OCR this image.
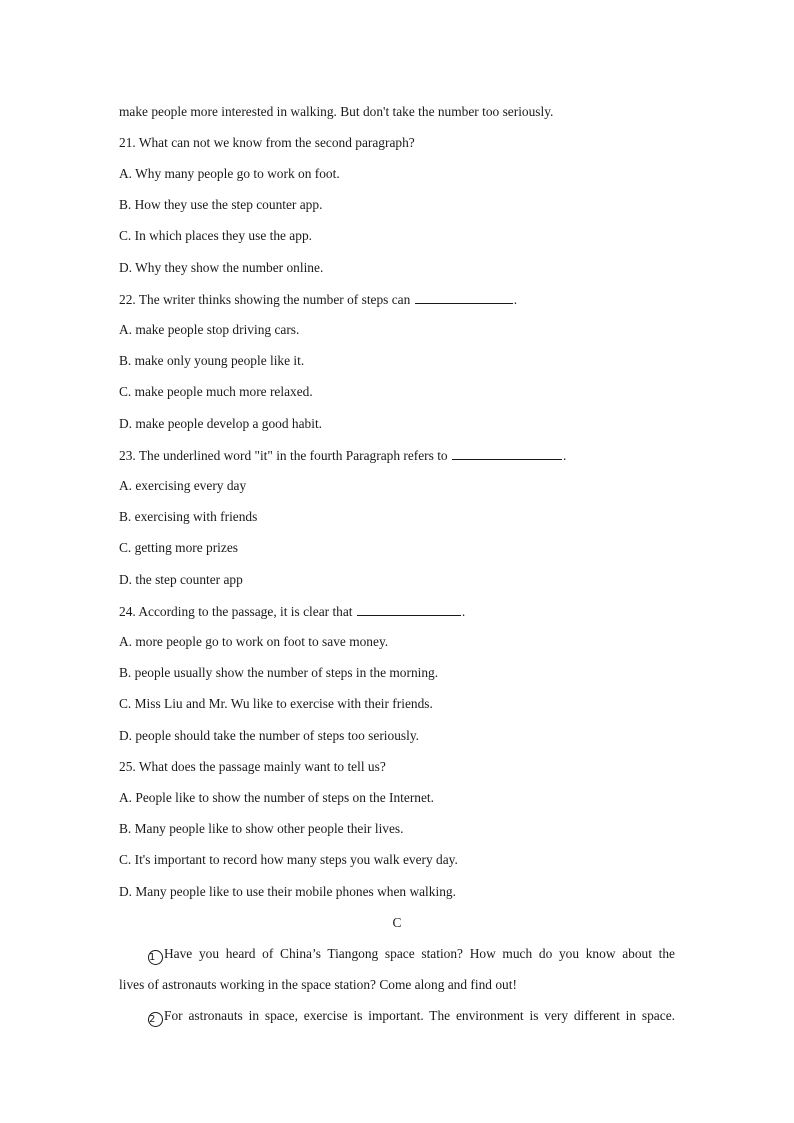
make people more interested in walking. But don't take the number too seriously.
21. What can not we know from the second paragraph?
A. Why many people go to work on foot.
B. How they use the step counter app.
C. In which places they use the app.
D. Why they show the number online.
22. The writer thinks showing the number of steps can	.
A. make people stop driving cars.
B. make only young people like it.
C. make people much more relaxed.
D. make people develop a good habit.
23. The underlined word "it" in the fourth Paragraph refers to	.
A. exercising every day
B. exercising with friends
C. getting more prizes
D. the step counter app
24. According to the passage, it is clear that	.
A. more people go to work on foot to save money.
B. people usually show the number of steps in the morning.
C. Miss Liu and Mr. Wu like to exercise with their friends.
D. people should take the number of steps too seriously.
25. What does the passage mainly want to tell us?
A. People like to show the number of steps on the Internet.
B. Many people like to show other people their lives.
C. It's important to record how many steps you walk every day.
D. Many people like to use their mobile phones when walking.
C
1 Have you heard of China’s Tiangong space station? How much do you know about the
lives of astronauts working in the space station? Come along and find out!
2 For astronauts in space, exercise is important. The environment is very different in space.
